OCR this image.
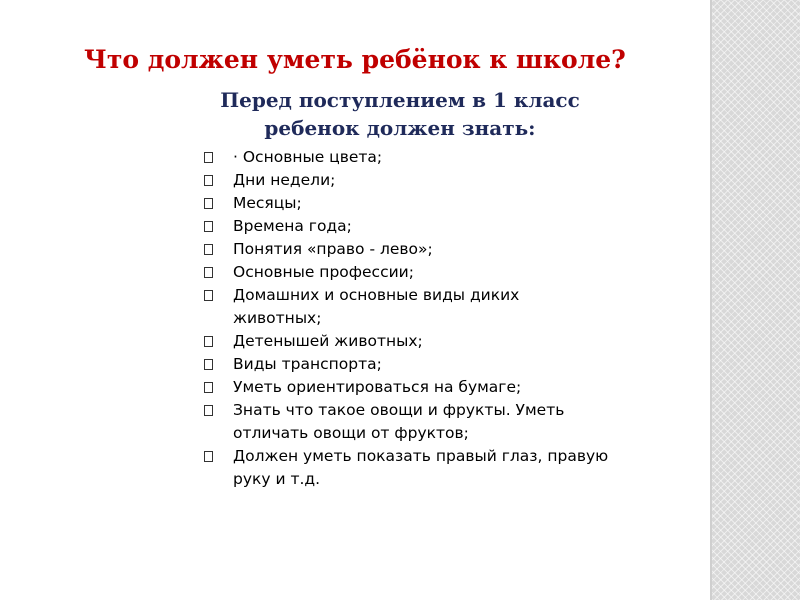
Что должен уметь ребёнок к школе?
Перед поступлением в 1 класс
ребенок должен знать:
· Основные цвета;
Дни недели;
Месяцы;
Времена года;
Понятия «право - лево»;
Основные профессии;
Домашних и основные виды диких животных;
Детенышей животных;
Виды транспорта;
Уметь ориентироваться на бумаге;
Знать что такое овощи и фрукты. Уметь отличать овощи от фруктов;
Должен уметь показать правый глаз, правую руку и т.д.
